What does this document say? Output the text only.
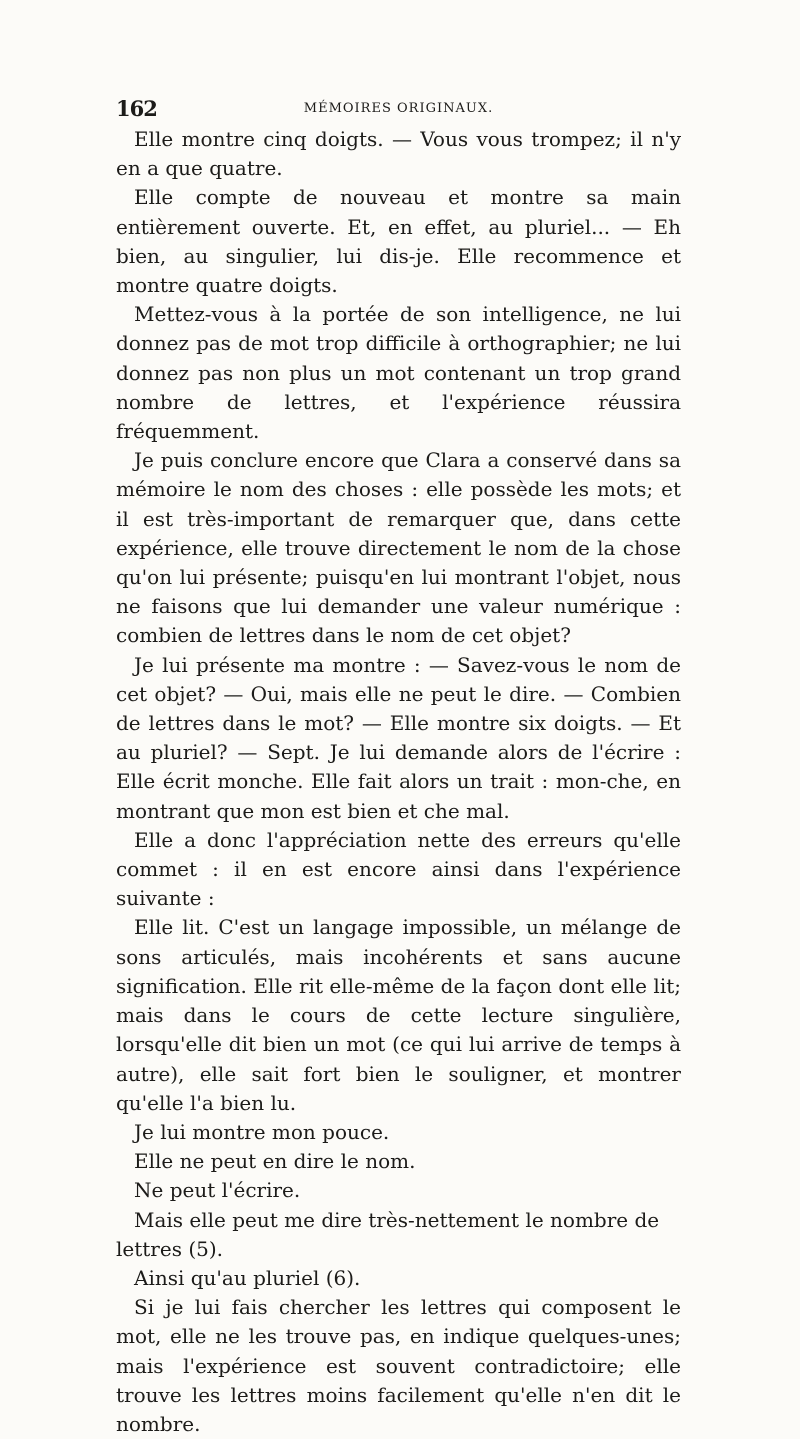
162	MÉMOIRES ORIGINAUX.

Elle montre cinq doigts. — Vous vous trompez; il n'y en a que quatre.

Elle compte de nouveau et montre sa main entièrement ouverte. Et, en effet, au pluriel... — Eh bien, au singulier, lui dis-je. Elle recommence et montre quatre doigts.

Mettez-vous à la portée de son intelligence, ne lui donnez pas de mot trop difficile à orthographier; ne lui donnez pas non plus un mot contenant un trop grand nombre de lettres, et l'expérience réussira fréquemment.

Je puis conclure encore que Clara a conservé dans sa mémoire le nom des choses : elle possède les mots; et il est très-important de remarquer que, dans cette expérience, elle trouve directement le nom de la chose qu'on lui présente; puisqu'en lui montrant l'objet, nous ne faisons que lui demander une valeur numérique : combien de lettres dans le nom de cet objet?

Je lui présente ma montre : — Savez-vous le nom de cet objet? — Oui, mais elle ne peut le dire. — Combien de lettres dans le mot? — Elle montre six doigts. — Et au pluriel? — Sept. Je lui demande alors de l'écrire : Elle écrit monche. Elle fait alors un trait : mon-che, en montrant que mon est bien et che mal.

Elle a donc l'appréciation nette des erreurs qu'elle commet : il en est encore ainsi dans l'expérience suivante :

Elle lit. C'est un langage impossible, un mélange de sons articulés, mais incohérents et sans aucune signification. Elle rit elle-même de la façon dont elle lit; mais dans le cours de cette lecture singulière, lorsqu'elle dit bien un mot (ce qui lui arrive de temps à autre), elle sait fort bien le souligner, et montrer qu'elle l'a bien lu.

Je lui montre mon pouce.

Elle ne peut en dire le nom.

Ne peut l'écrire.

Mais elle peut me dire très-nettement le nombre de lettres (5).

Ainsi qu'au pluriel (6).

Si je lui fais chercher les lettres qui composent le mot, elle ne les trouve pas, en indique quelques-unes; mais l'expérience est souvent contradictoire; elle trouve les lettres moins facilement qu'elle n'en dit le nombre.
